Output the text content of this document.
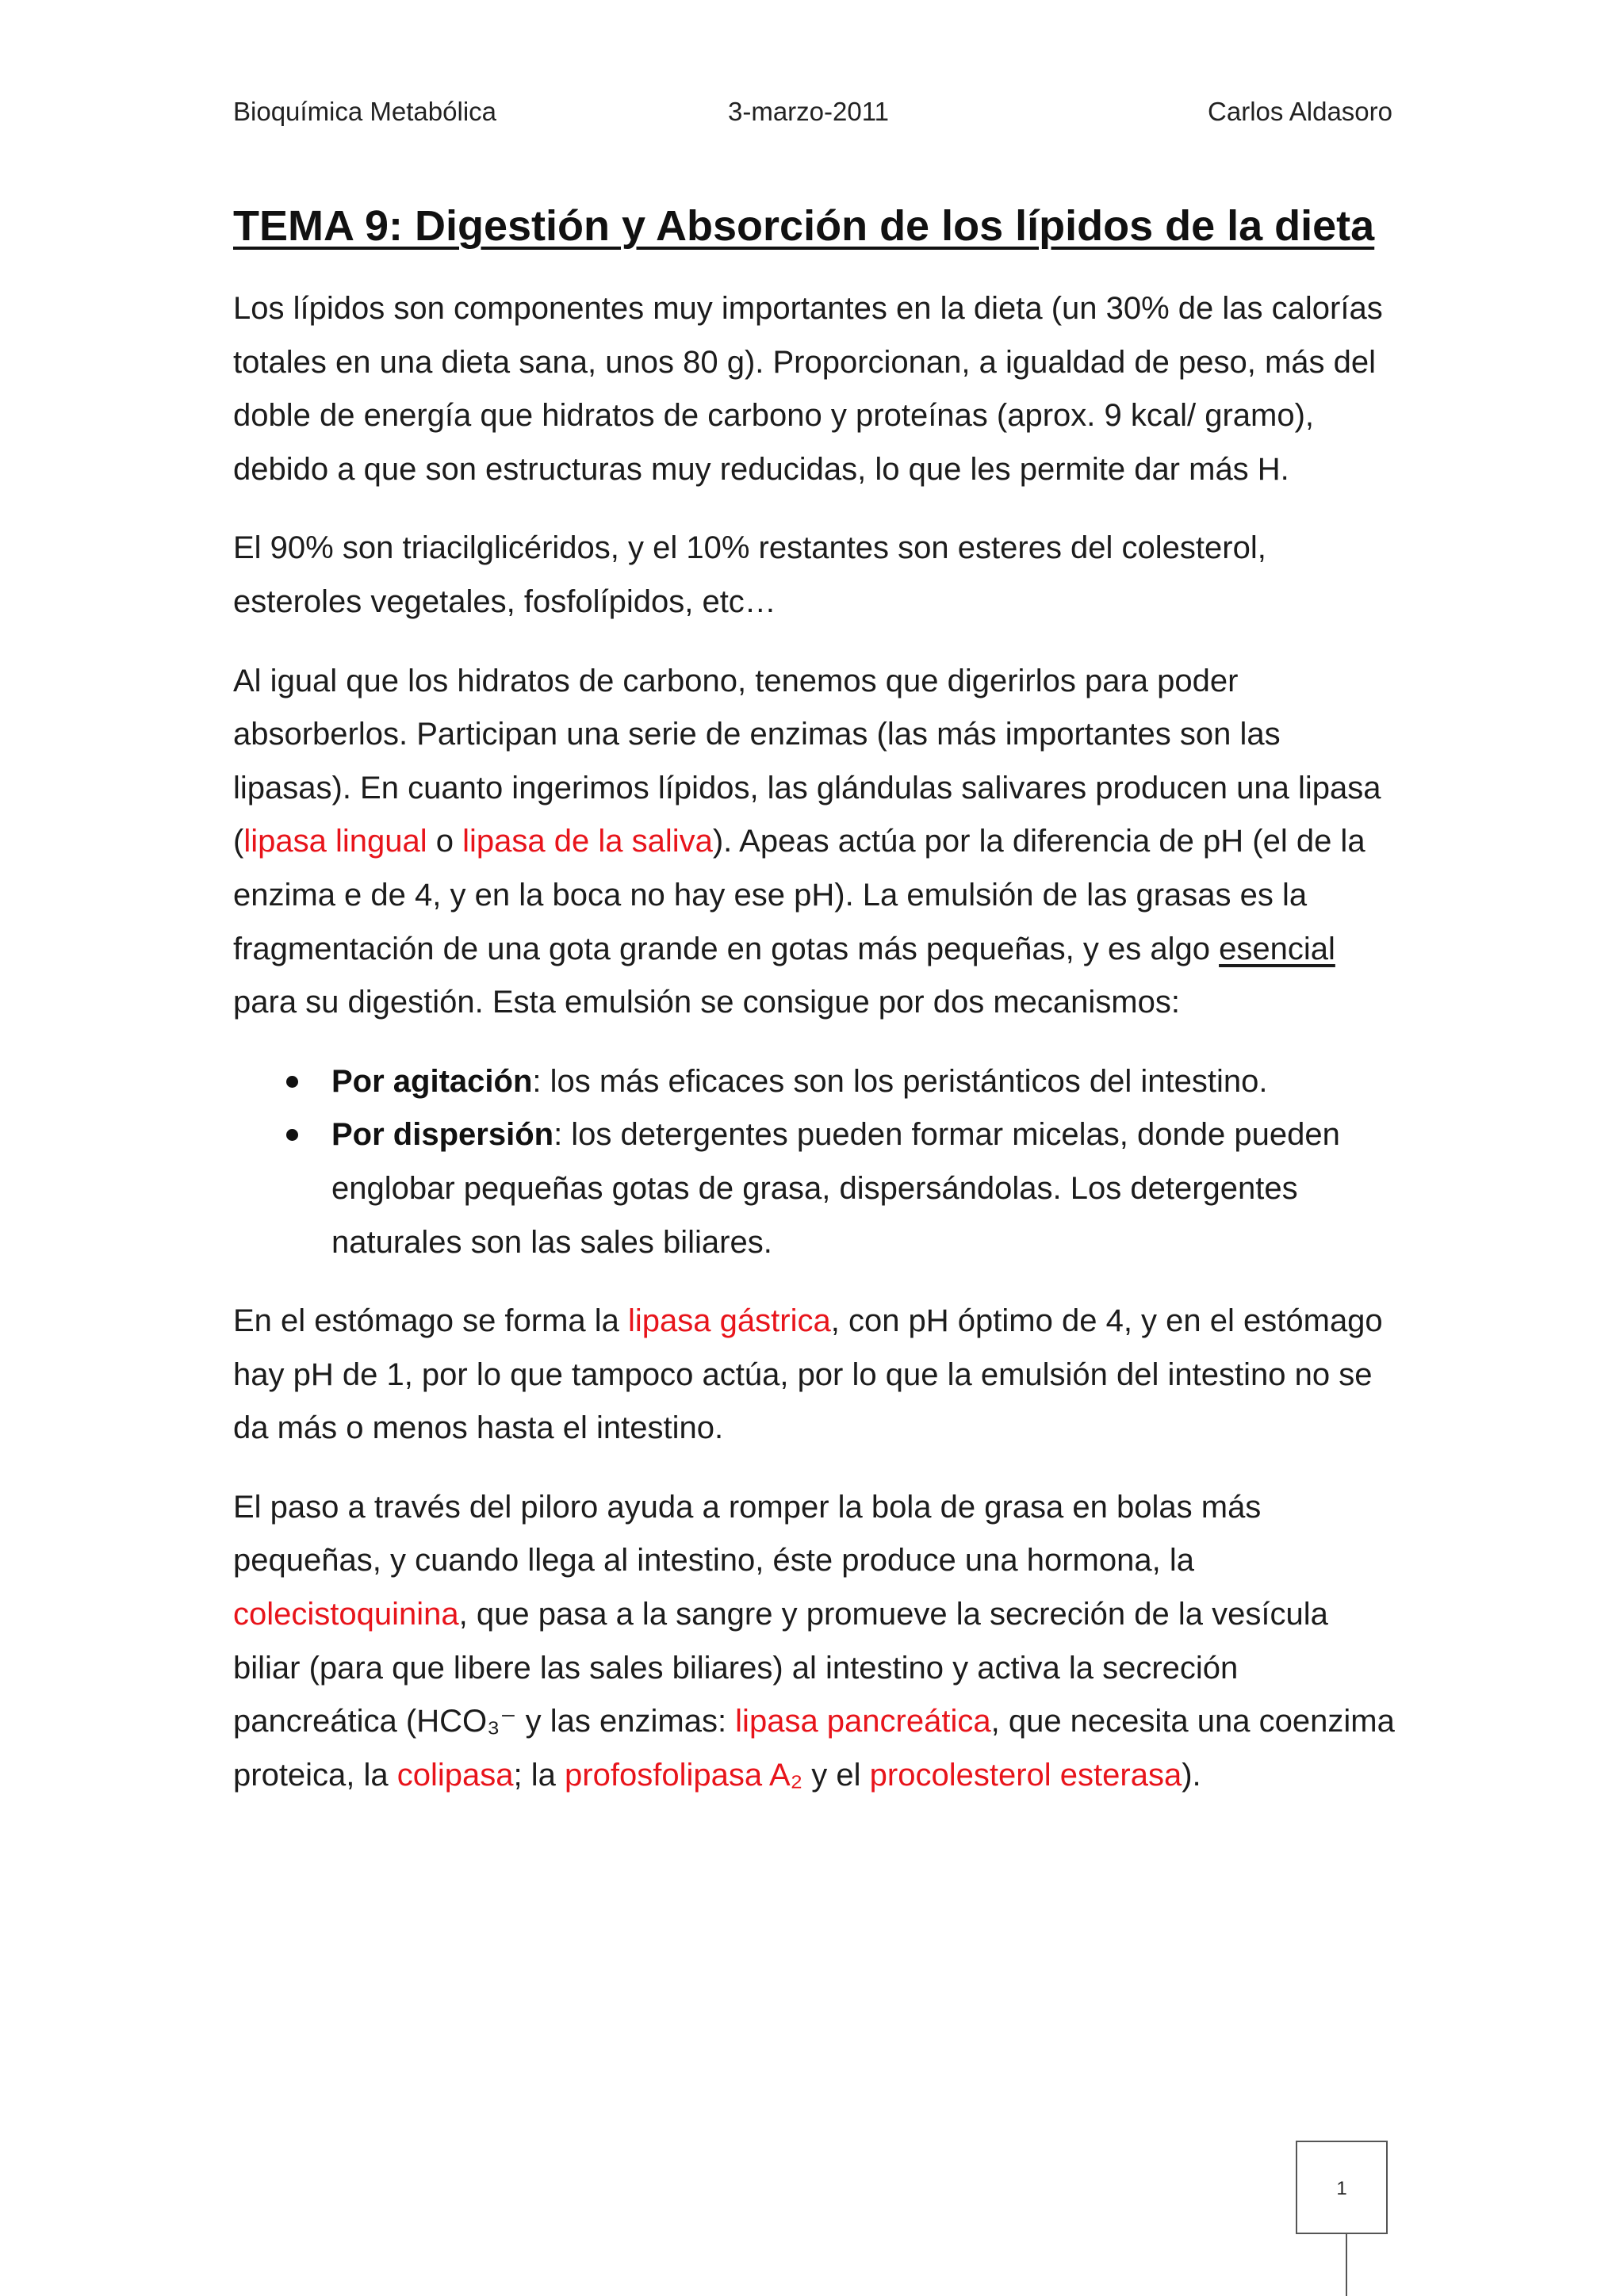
Bioquímica Metabólica	3-marzo-2011	Carlos Aldasoro
TEMA 9: Digestión y Absorción de los lípidos de la dieta

Los lípidos son componentes muy importantes en la dieta (un 30% de las calorías totales en una dieta sana, unos 80 g). Proporcionan, a igualdad de peso, más del doble de energía que hidratos de carbono y proteínas (aprox. 9 kcal/ gramo), debido a que son estructuras muy reducidas, lo que les permite dar más H.

El 90% son triacilglicéridos, y el 10% restantes son esteres del colesterol, esteroles vegetales, fosfolípidos, etc…

Al igual que los hidratos de carbono, tenemos que digerirlos para poder absorberlos. Participan una serie de enzimas (las más importantes son las lipasas). En cuanto ingerimos lípidos, las glándulas salivares producen una lipasa (lipasa lingual o lipasa de la saliva). Apeas actúa por la diferencia de pH (el de la enzima e de 4, y en la boca no hay ese pH). La emulsión de las grasas es la fragmentación de una gota grande en gotas más pequeñas, y es algo esencial para su digestión. Esta emulsión se consigue por dos mecanismos:

Por agitación: los más eficaces son los peristánticos del intestino.
Por dispersión: los detergentes pueden formar micelas, donde pueden englobar pequeñas gotas de grasa, dispersándolas. Los detergentes naturales son las sales biliares.

En el estómago se forma la lipasa gástrica, con pH óptimo de 4, y en el estómago hay pH de 1, por lo que tampoco actúa, por lo que la emulsión del intestino no se da más o menos hasta el intestino.

El paso a través del piloro ayuda a romper la bola de grasa en bolas más pequeñas, y cuando llega al intestino, éste produce una hormona, la colecistoquinina, que pasa a la sangre y promueve la secreción de la vesícula biliar (para que libere las sales biliares) al intestino y activa la secreción pancreática (HCO₃⁻ y las enzimas: lipasa pancreática, que necesita una coenzima proteica, la colipasa; la profosfolipasa A₂ y el procolesterol esterasa).

1
